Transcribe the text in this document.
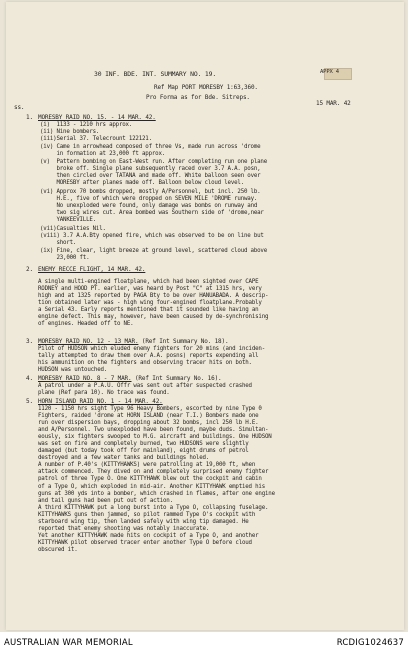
30 INF. BDE. INT. SUMMARY NO. 19.	APPX 4
Ref Map PORT MORESBY 1:63,360.
Pro Forma as for Bde. Sitreps.
15 MAR. 42
ss.
1. MORESBY RAID NO. 15. - 14 MAR. 42.
(i)  1133 - 1210 hrs approx.
(ii) Nine bombers.
(iii)Serial 37. Telecrount 122121.
(iv) Came in arrowhead composed of three Vs, made run across 'drome
in formation at 23,000 ft approx.
(v)  Pattern bombing on East-West run. After completing run one plane
broke off. Single plane subsequently raced over 3.7 A.A. posn,
then circled over TATANA and made off. White balloon seen over
MORESBY after planes made off. Balloon below cloud level.
(vi) Approx 70 bombs dropped, mostly A/Personnel, but incl. 250 lb.
H.E., five of which were dropped on SEVEN MILE 'DROME runway.
No unexploded were found, only damage was bombs on runway and
two sig wires cut. Area bombed was Southern side of 'drome,near
YANKEEVILLE.
(vii)Casualties Nil.
(viii) 3.7 A.A.Bty opened fire, which was observed to be on line but
short.
(ix) Fine, clear, light breeze at ground level, scattered cloud above
23,000 ft.
2. ENEMY RECCE FLIGHT, 14 MAR. 42.
A single multi-engined floatplane, which had been sighted over CAPE
RODNEY and HOOD PT. earlier, was heard by Post "C" at 1315 hrs, very
high and at 1325 reported by PAGA Bty to be over HANUABADA. A descrip-
tion obtained later was - high wing four-engined floatplane.Probably
a Serial 43. Early reports mentioned that it sounded like having an
engine defect. This may, however, have been caused by de-synchronising
of engines. Headed off to NE.
3. MORESBY RAID NO. 12 - 13 MAR. (Ref Int Summary No. 18).
Pilot of HUDSON which eluded enemy fighters for 20 mins (and inciden-
tally attempted to draw them over A.A. posns) reports expending all
his ammunition on the fighters and observing tracer hits on both.
HUDSON was untouched.
4. MORESBY RAID NO. 8 - 7 MAR. (Ref Int Summary No. 16).
A patrol under a P.A.U. Offr was sent out after suspected crashed
plane (Ref para 10). No trace was found.
5. HORN ISLAND RAID NO. 1 - 14 MAR. 42.
1120 - 1150 hrs sight Type 96 Heavy Bombers, escorted by nine Type 0
Fighters, raided 'drome at HORN ISLAND (near T.I.) Bombers made one
run over dispersion bays, dropping about 32 bombs, incl 250 lb H.E.
and A/Personnel. Two unexploded have been found, maybe duds. Simultan-
eously, six fighters swooped to M.G. aircraft and buildings. One HUDSON
was set on fire and completely burned, two HUDSONS were slightly
damaged (but today took off for mainland), eight drums of petrol
destroyed and a few water tanks and buildings holed.
A number of P.40's (KITTYHAWKS) were patrolling at 19,000 ft, when
attack commenced. They dived on and completely surprised enemy fighter
patrol of three Type O. One KITTYHAWK blew out the cockpit and cabin
of a Type O, which exploded in mid-air. Another KITTYHAWK emptied his
guns at 300 yds into a bomber, which crashed in flames, after one engine
and tail guns had been put out of action.
A third KITTYHAWK put a long burst into a Type O, collapsing fuselage.
KITTYHAWKS guns then jammed, so pilot rammed Type O's cockpit with
starboard wing tip, then landed safely with wing tip damaged. He
reported that enemy shooting was notably inaccurate.
Yet another KITTYHAWK made hits on cockpit of a Type O, and another
KITTYHAWK pilot observed tracer enter another Type O before cloud
obscured it.
AUSTRALIAN WAR MEMORIAL	RCDIG1024637
